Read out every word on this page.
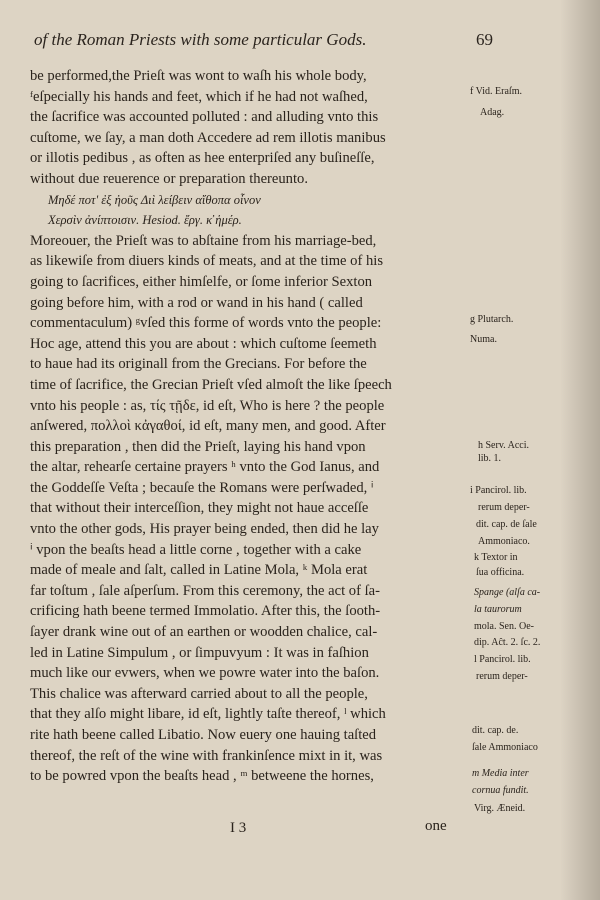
of the Roman Priests with some particular Gods.	69
be performed,the Prieſt was wont to waſh his whole body,
ᶠeſpecially his hands and feet, which if he had not waſhed,
the ſacrifice was accounted polluted : and alluding vnto this
cuſtome, we ſay, a man doth Accedere ad rem illotis manibus
or illotis pedibus , as often as hee enterpriſed any buſineſſe,
without due reuerence or preparation thereunto.
Μηδέ ποτ' ἐξ ἠοῦς Διὶ λείβειν αἴθοπα οἶνον
Χερσὶν ἀνίπτοισιν. Hesiod. ἔργ. κ̓ ἡμέρ.
Moreouer, the Prieſt was to abſtaine from his marriage-bed,
as likewiſe from diuers kinds of meats, and at the time of his
going to ſacrifices, either himſelfe, or ſome inferior Sexton
going before him, with a rod or wand in his hand ( called
commentaculum) ᵍvſed this forme of words vnto the people:
Hoc age, attend this you are about : which cuſtome ſeemeth
to haue had its originall from the Grecians. For before the
time of ſacrifice, the Grecian Prieſt vſed almoſt the like ſpeech
vnto his people : as, τίς τῇδε, id eſt, Who is here ? the people
anſwered, πολλοὶ κἀγαθοί, id eſt, many men, and good. After
this preparation , then did the Prieſt, laying his hand vpon
the altar, rehearſe certaine prayers ʰ vnto the God Ianus, and
the Goddeſſe Veſta ; becauſe the Romans were perſwaded, ⁱ
that without their interceſſion, they might not haue acceſſe
vnto the other gods, His prayer being ended, then did he lay
ⁱ vpon the beaſts head a little corne , together with a cake
made of meale and ſalt, called in Latine Mola, ᵏ Mola erat
far toſtum , ſale aſperſum. From this ceremony, the act of ſa-
crificing hath beene termed Immolatio. After this, the ſooth-
ſayer drank wine out of an earthen or woodden chalice, cal-
led in Latine Simpulum , or ſimpuvyum : It was in faſhion
much like our evwers, when we powre water into the baſon.
This chalice was afterward carried about to all the people,
that they alſo might libare, id eſt, lightly taſte thereof, ˡ which
rite hath beene called Libatio. Now euery one hauing taſted
thereof, the reſt of the wine with frankinſence mixt in it, was
to be powred vpon the beaſts head , ᵐ betweene the hornes,
f Vid. Eraſm.
Adag.
g Plutarch.
Numa.
h Serv. Acci.
lib. 1.
i Pancirol. lib.
rerum deper-
dit. cap. de ſale
Ammoniaco.
k Textor in
ſua officina.
Spange (alſa ca-
la taurorum
mola. Sen. Oe-
dip. Aĉt. 2. ſc. 2.
l Pancirol. lib.
rerum deper-
dit. cap. de.
ſale Ammoniaco
m Media inter
cornua fundit.
Virg. Æneid.
I 3	one
